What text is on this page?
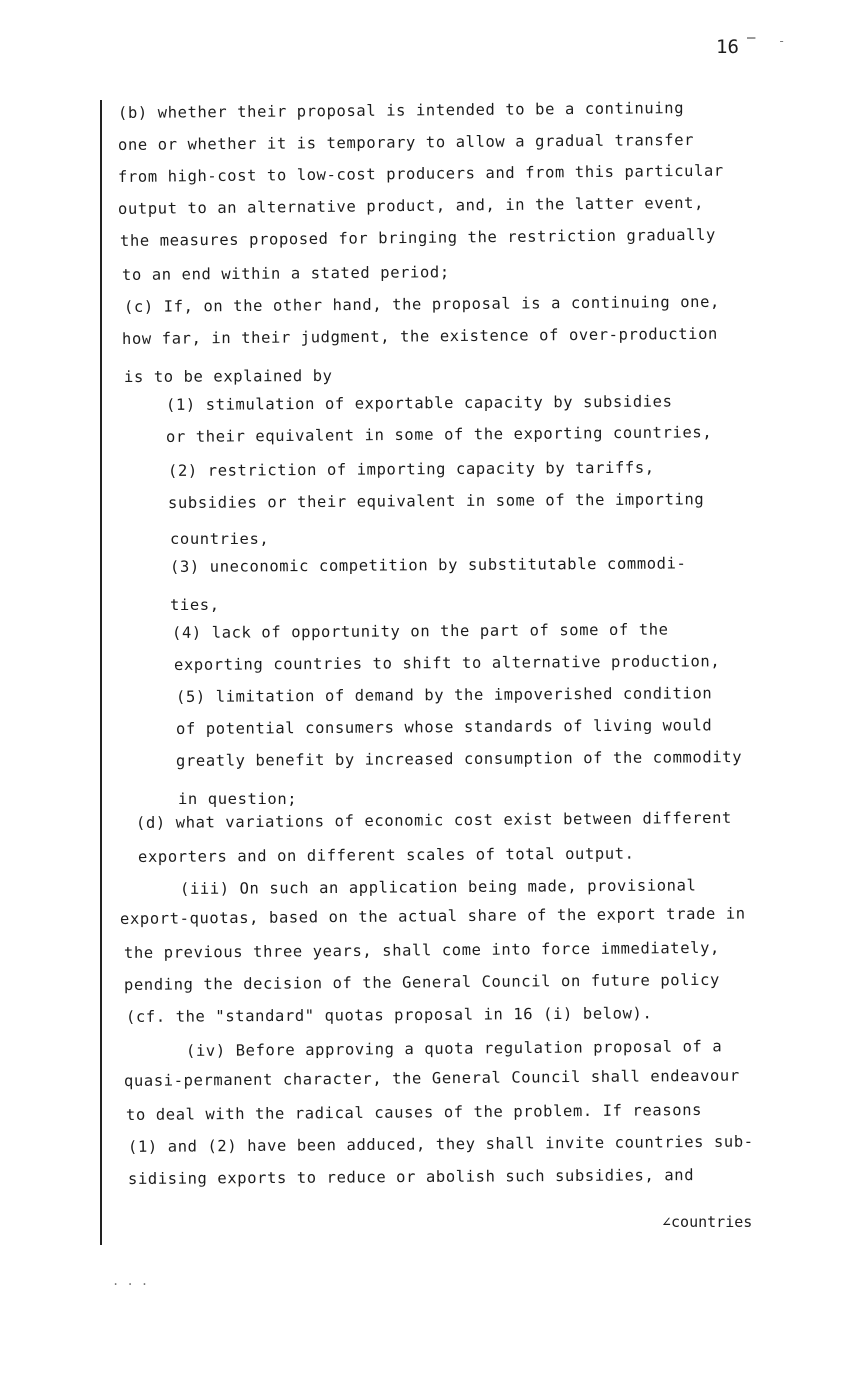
16 – -
. . .
(b) whether their proposal is intended to be a continuing
one or whether it is temporary to allow a gradual transfer
from high-cost to low-cost producers and from this particular
output to an alternative product, and, in the latter event,
the measures proposed for bringing the restriction gradually
to an end within a stated period;
(c) If, on the other hand, the proposal is a continuing one,
how far, in their judgment, the existence of over-production
is to be explained by
(1) stimulation of exportable capacity by subsidies
or their equivalent in some of the exporting countries,
(2) restriction of importing capacity by tariffs,
subsidies or their equivalent in some of the importing
countries,
(3) uneconomic competition by substitutable commodi-
ties,
(4) lack of opportunity on the part of some of the
exporting countries to shift to alternative production,
(5) limitation of demand by the impoverished condition
of potential consumers whose standards of living would
greatly benefit by increased consumption of the commodity
in question;
(d) what variations of economic cost exist between different
exporters and on different scales of total output.
(iii) On such an application being made, provisional
export-quotas, based on the actual share of the export trade in
the previous three years, shall come into force immediately,
pending the decision of the General Council on future policy
(cf. the "standard" quotas proposal in 16 (i) below).
(iv) Before approving a quota regulation proposal of a
quasi-permanent character, the General Council shall endeavour
to deal with the radical causes of the problem. If reasons
(1) and (2) have been adduced, they shall invite countries sub-
sidising exports to reduce or abolish such subsidies, and
∠countries
